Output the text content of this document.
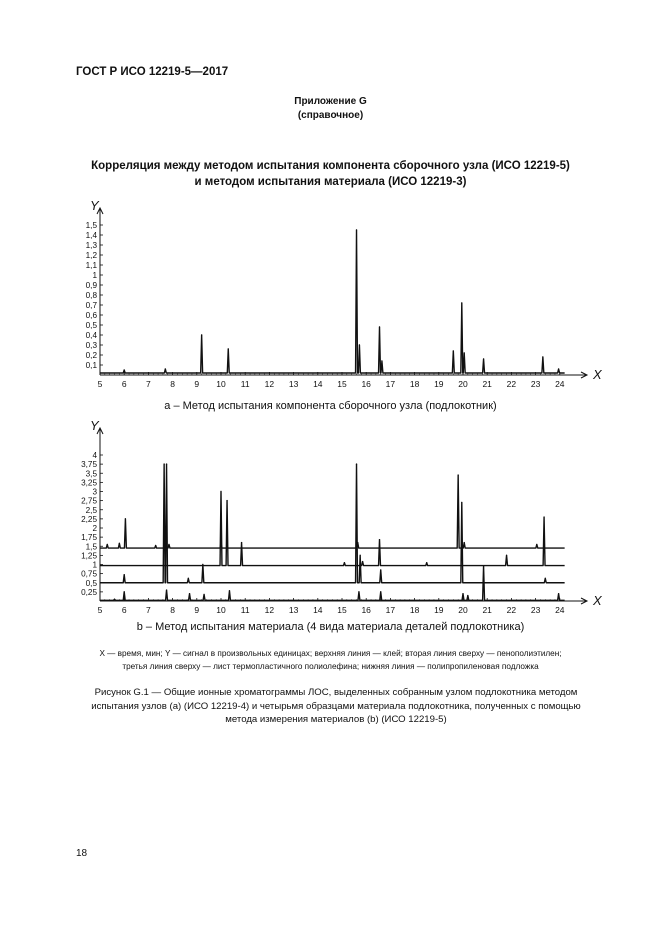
ГОСТ Р ИСО 12219-5—2017
Приложение G
(справочное)
Корреляция между методом испытания компонента сборочного узла (ИСО 12219-5)
и методом испытания материала (ИСО 12219-3)
Y
X
5 6 7 8 9 10 11 12 13 14 15 16 17 18 19 20 21 22 23 24
0,1
0,2
0,3
0,4
0,5
0,6
0,7
0,8
0,9
1
1,1
1,2
1,3
1,4
1,5
а – Метод испытания компонента сборочного узла (подлокотник)
Y
X
5 6 7 8 9 10 11 12 13 14 15 16 17 18 19 20 21 22 23 24
0,25
0,5
0,75
1
1,25
1,5
1,75
2
2,25
2,5
2,75
3
3,25
3,5
3,75
4
b – Метод испытания материала (4 вида материала деталей подлокотника)
X — время, мин; Y — сигнал в произвольных единицах; верхняя линия — клей; вторая линия сверху — пенополиэтилен;
третья линия сверху — лист термопластичного полиолефина; нижняя линия — полипропиленовая подложка
Рисунок G.1 — Общие ионные хроматограммы ЛОС, выделенных собранным узлом подлокотника методом
испытания узлов (а) (ИСО 12219-4) и четырьмя образцами материала подлокотника, полученных с помощью
метода измерения материалов (b) (ИСО 12219-5)
18
